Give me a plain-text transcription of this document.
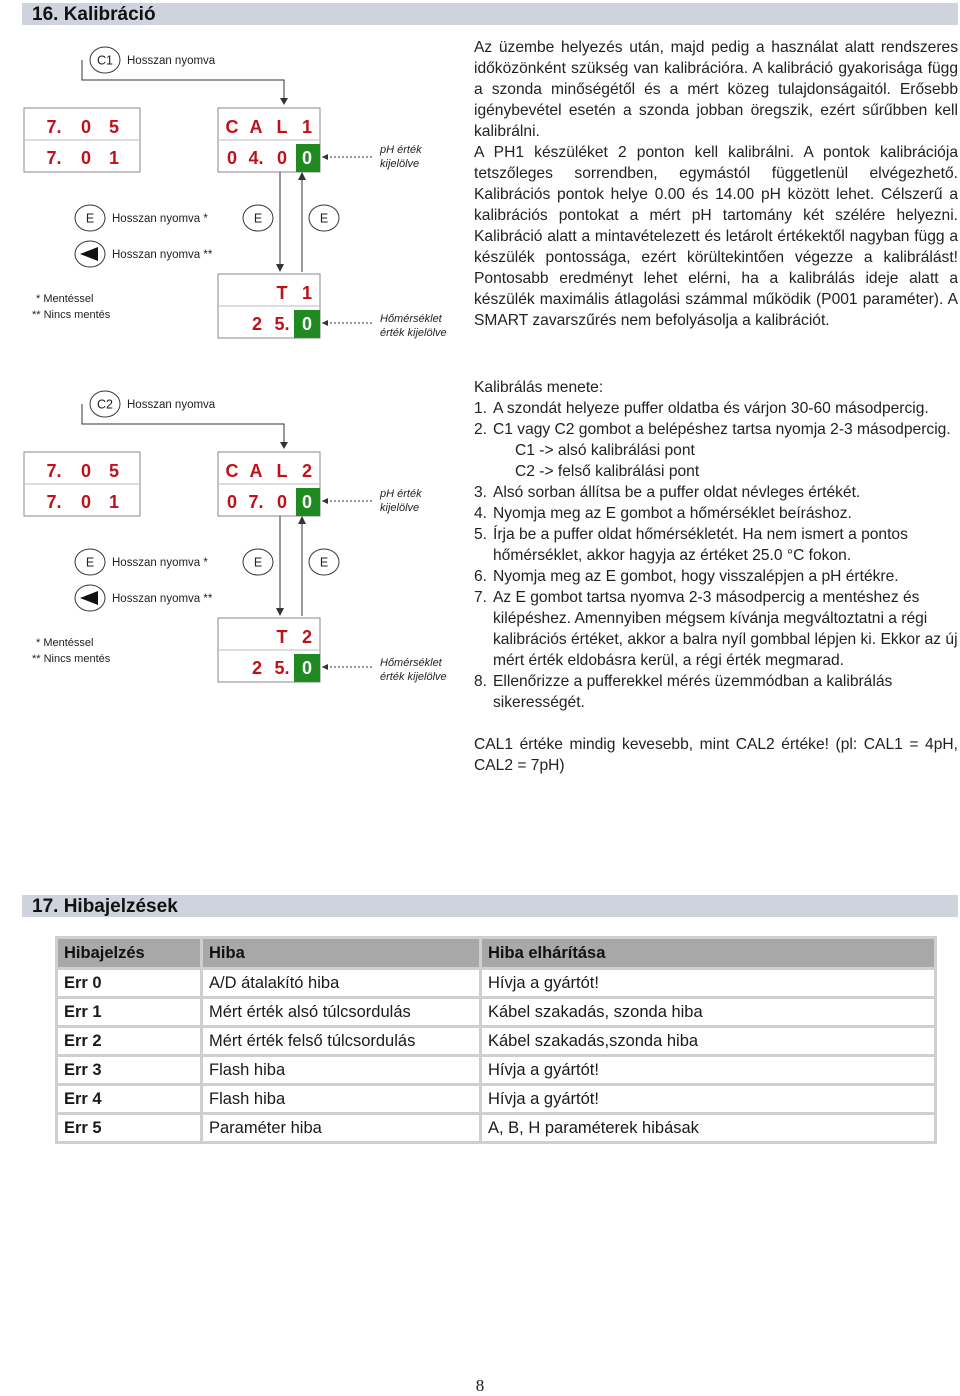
16. Kalibráció
C1 Hosszan nyomva
7.
7.
0
0
5
1
C
0
A
4.
L
0
1
0	pH érték
kijelölve
E Hosszan nyomva *
Hosszan nyomva **
* Mentéssel
** Nincs mentés
E	E
T 1
2 5. 0	Hőmérséklet
érték kijelölve
C2 Hosszan nyomva
7.
7.
0
0
5
1
C
0
A
7.
L
0
2
0	pH érték
kijelölve
E Hosszan nyomva *
Hosszan nyomva **
* Mentéssel
** Nincs mentés
E	E
T 2
2 5. 0	Hőmérséklet
érték kijelölve

Az üzembe helyezés után, majd pedig a használat alatt rendszeres időközönként szükség van kalibrációra. A kalibráció gyakorisága függ a szonda minőségétől és a mért közeg tulajdonságaitól. Erősebb igénybevétel esetén a szonda jobban öregszik, ezért sűrűbben kell kalibrálni.

A PH1 készüléket 2 ponton kell kalibrálni. A pontok kalibrációja tetszőleges sorrendben, egymástól függetlenül elvégezhető. Kalibrációs pontok helye 0.00 és 14.00 pH között lehet. Célszerű a kalibrációs pontokat a mért pH tartomány két szélére helyezni. Kalibráció alatt a mintavételezett és letárolt értékektől nagyban függ a készülék pontossága, ezért körültekintően végezze a kalibrálást! Pontosabb eredményt lehet elérni, ha a kalibrálás ideje alatt a készülék maximális átlagolási számmal működik (P001 paraméter). A SMART zavarszűrés nem befolyásolja a kalibrációt.

Kalibrálás menete:

1. A szondát helyeze puffer oldatba és várjon 30-60 másodpercig.
2. C1 vagy C2 gombot a belépéshez tartsa nyomja 2-3 másodpercig.
C1 -> alsó kalibrálási pont
C2 -> felső kalibrálási pont
3. Alsó sorban állítsa be a puffer oldat névleges értékét.
4. Nyomja meg az E gombot a hőmérséklet beíráshoz.
5. Írja be a puffer oldat hőmérsékletét. Ha nem ismert a pontos hőmérséklet, akkor hagyja az értéket 25.0 °C fokon.
6. Nyomja meg az E gombot, hogy visszalépjen a pH értékre.
7. Az E gombot tartsa nyomva 2-3 másodpercig a mentéshez és kilépéshez. Amennyiben mégsem kívánja megváltoztatni a régi kalibrációs értéket, akkor a balra nyíl gombbal lépjen ki. Ekkor az új mért érték eldobásra kerül, a régi érték megmarad.
8. Ellenőrizze a pufferekkel mérés üzemmódban a kalibrálás sikerességét.

CAL1 értéke mindig kevesebb, mint CAL2 értéke! (pl: CAL1 = 4pH, CAL2 = 7pH)

17. Hibajelzések
Hibajelzés	Hiba	Hiba elhárítása
Err 0	A/D átalakító hiba	Hívja a gyártót!
Err 1	Mért érték alsó túlcsordulás	Kábel szakadás, szonda hiba
Err 2	Mért érték felső túlcsordulás	Kábel szakadás,szonda hiba
Err 3	Flash hiba	Hívja a gyártót!
Err 4	Flash hiba	Hívja a gyártót!
Err 5	Paraméter hiba	A, B, H paraméterek hibásak
8
